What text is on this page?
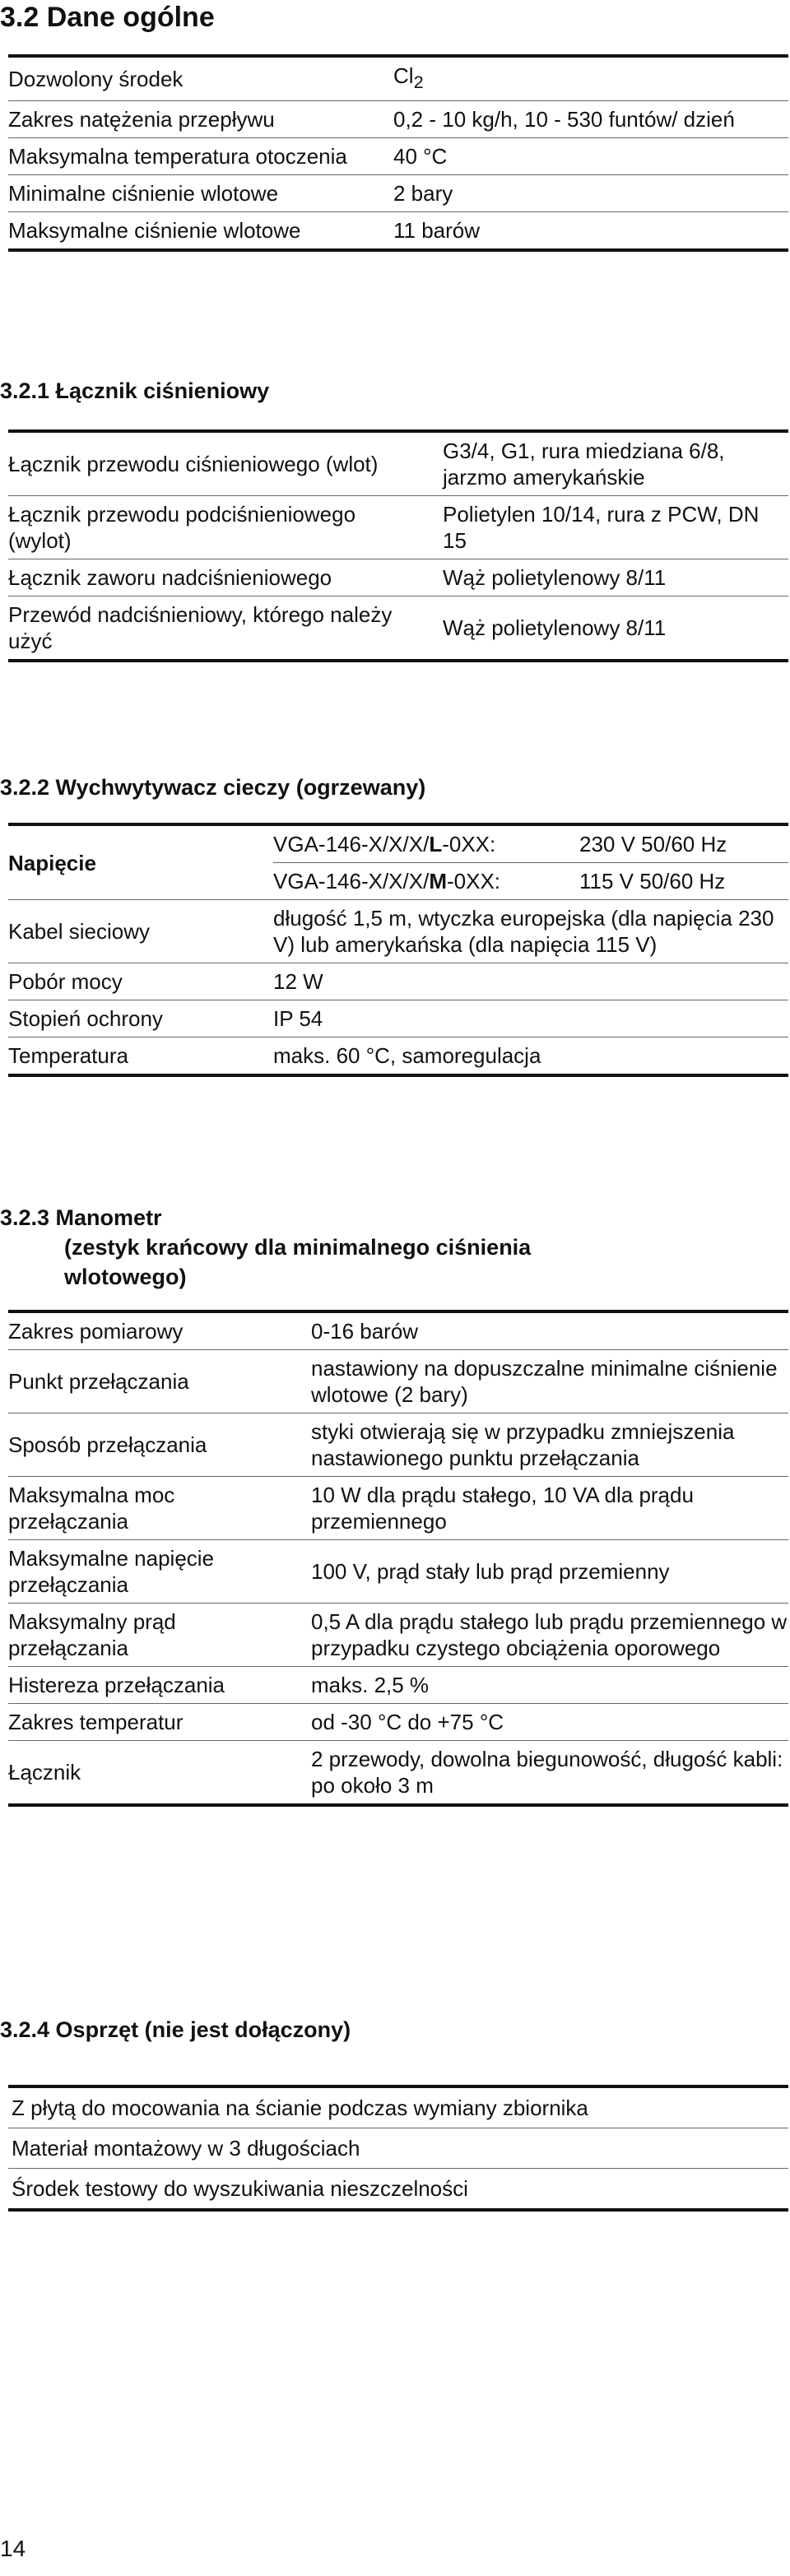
3.2 Dane ogólne
Dozwolony środek	$Cl_2$
Zakres natężenia przepływu	0,2 - 10 kg/h, 10 - 530 funtów/ dzień
Maksymalna temperatura otoczenia	40 °C
Minimalne ciśnienie wlotowe	2 bary
Maksymalne ciśnienie wlotowe	11 barów
3.2.1 Łącznik ciśnieniowy
Łącznik przewodu ciśnieniowego (wlot)	G3/4, G1, rura miedziana 6/8, jarzmo amerykańskie
Łącznik przewodu podciśnieniowego (wylot)	Polietylen 10/14, rura z PCW, DN 15
Łącznik zaworu nadciśnieniowego	Wąż polietylenowy 8/11
Przewód nadciśnieniowy, którego należy użyć	Wąż polietylenowy 8/11
3.2.2 Wychwytywacz cieczy (ogrzewany)
Napięcie	VGA-146-X/X/X/L-0XX: 230 V 50/60 Hz

	VGA-146-X/X/X/M-0XX: 115 V 50/60 Hz

Kabel sieciowy	długość 1,5 m, wtyczka europejska (dla napięcia 230 V) lub amerykańska (dla napięcia 115 V)
Pobór mocy	12 W
Stopień ochrony	IP 54
Temperatura	maks. 60 °C, samoregulacja
3.2.3 Manometr
(zestyk krańcowy dla minimalnego ciśnienia
wlotowego)
Zakres pomiarowy	0-16 barów
Punkt przełączania	nastawiony na dopuszczalne minimalne ciśnienie wlotowe (2 bary)
Sposób przełączania	styki otwierają się w przypadku zmniejszenia nastawionego punktu przełączania
Maksymalna moc przełączania	10 W dla prądu stałego, 10 VA dla prądu przemiennego
Maksymalne napięcie przełączania	100 V, prąd stały lub prąd przemienny
Maksymalny prąd przełączania	0,5 A dla prądu stałego lub prądu przemiennego w przypadku czystego obciążenia oporowego
Histereza przełączania	maks. 2,5 %
Zakres temperatur	od -30 °C do +75 °C
Łącznik	2 przewody, dowolna biegunowość, długość kabli: po około 3 m
3.2.4 Osprzęt (nie jest dołączony)
Z płytą do mocowania na ścianie podczas wymiany zbiornika
Materiał montażowy w 3 długościach
Środek testowy do wyszukiwania nieszczelności
14
